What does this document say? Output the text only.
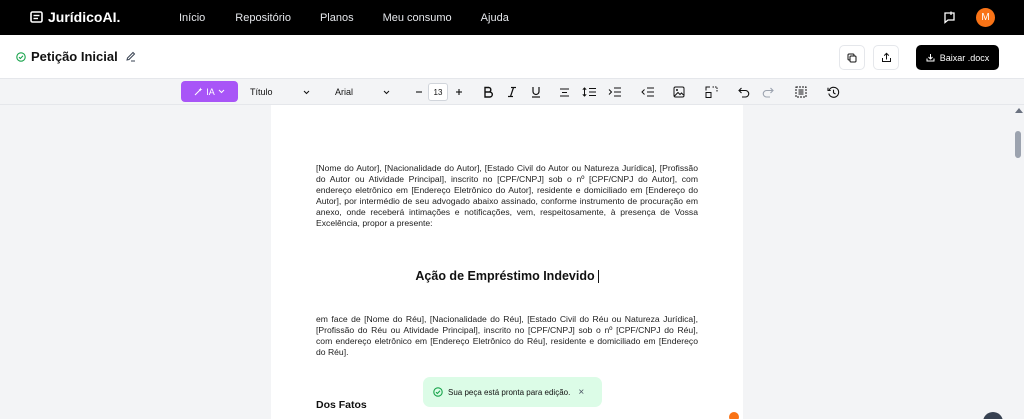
JurídicoAI.	Início	Repositório	Planos	Meu consumo	Ajuda	M
Petição Inicial	Baixar .docx
IA	Título	Arial	13

[Nome do Autor], [Nacionalidade do Autor], [Estado Civil do Autor ou Natureza Jurídica], [Profissão do Autor ou Atividade Principal], inscrito no [CPF/CNPJ] sob o nº [CPF/CNPJ do Autor], com endereço eletrônico em [Endereço Eletrônico do Autor], residente e domiciliado em [Endereço do Autor], por intermédio de seu advogado abaixo assinado, conforme instrumento de procuração em anexo, onde receberá intimações e notificações, vem, respeitosamente, à presença de Vossa Excelência, propor a presente:

Ação de Empréstimo Indevido

em face de [Nome do Réu], [Nacionalidade do Réu], [Estado Civil do Réu ou Natureza Jurídica], [Profissão do Réu ou Atividade Principal], inscrito no [CPF/CNPJ] sob o nº [CPF/CNPJ do Réu], com endereço eletrônico em [Endereço Eletrônico do Réu], residente e domiciliado em [Endereço do Réu].

Dos Fatos
Sua peça está pronta para edição. ×
